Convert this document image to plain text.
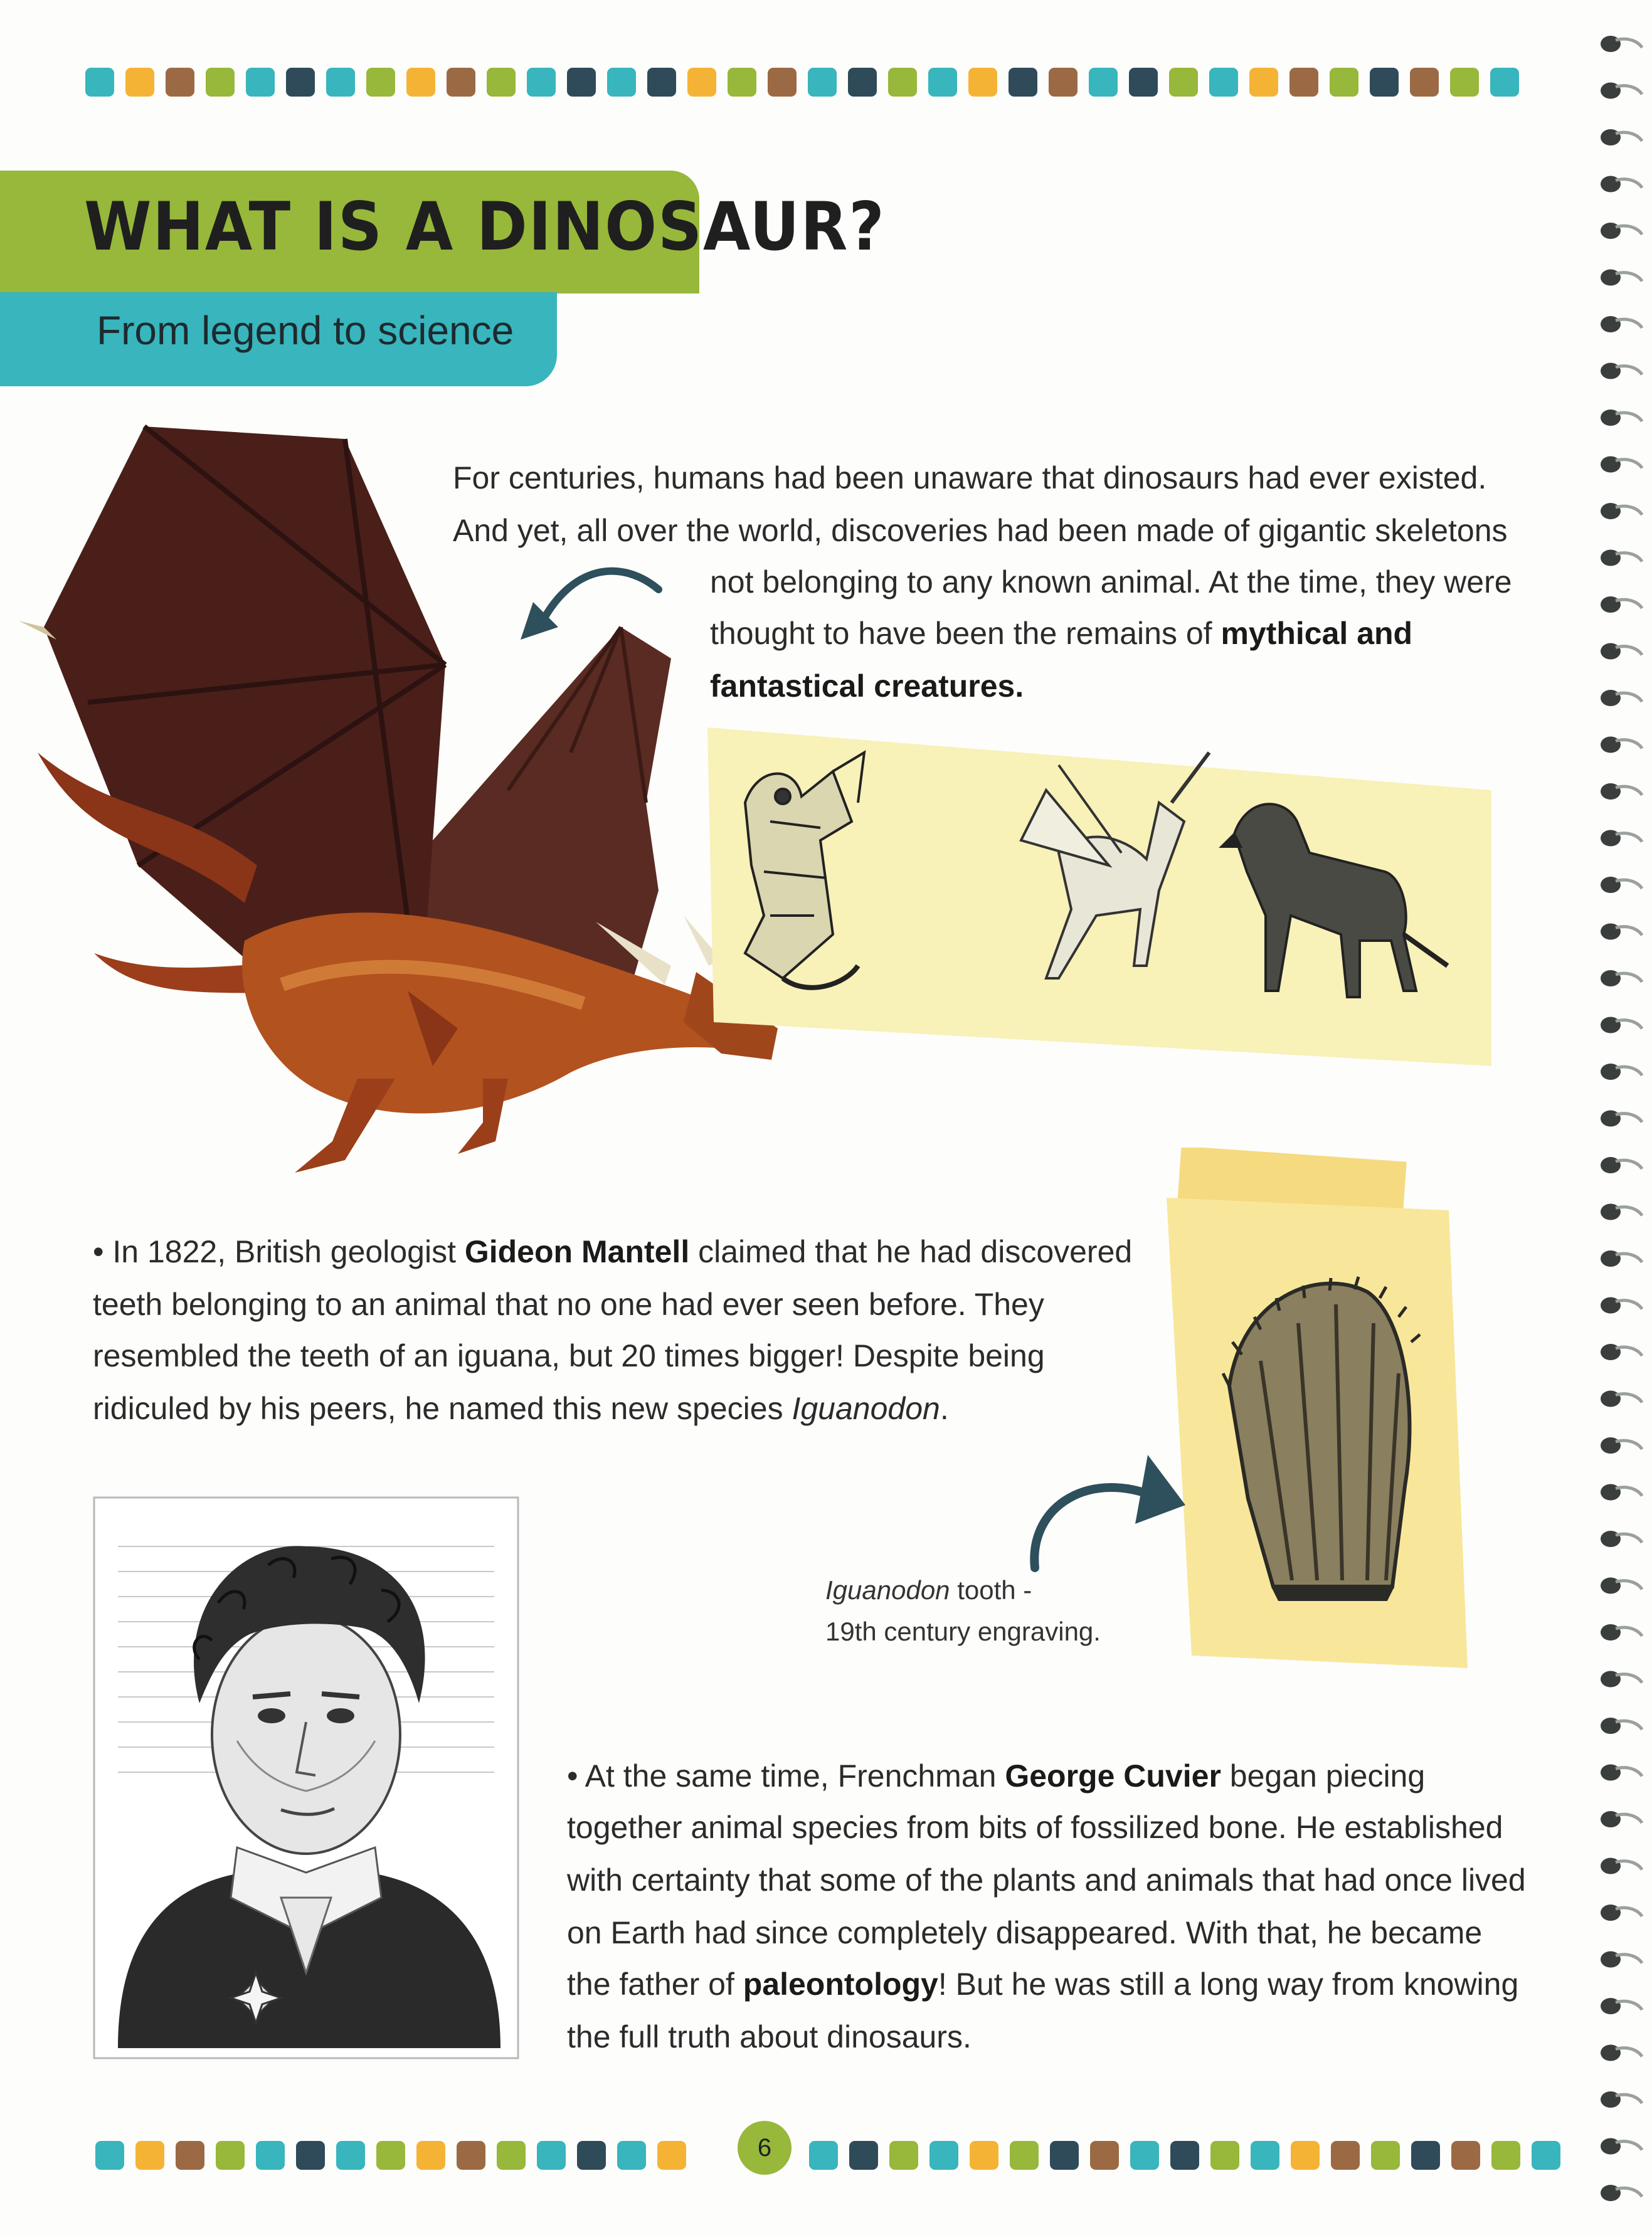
WHAT IS A DINOSAUR?
From legend to science
For centuries, humans had been unaware that dinosaurs had ever existed.
And yet, all over the world, discoveries had been made of gigantic skeletons
not belonging to any known animal. At the time, they were
thought to have been the remains of mythical and
fantastical creatures.
• In 1822, British geologist Gideon Mantell claimed that he had discovered
teeth belonging to an animal that no one had ever seen before. They
resembled the teeth of an iguana, but 20 times bigger! Despite being
ridiculed by his peers, he named this new species Iguanodon.
Iguanodon tooth -
19th century engraving.
• At the same time, Frenchman George Cuvier began piecing
together animal species from bits of fossilized bone. He established
with certainty that some of the plants and animals that had once lived
on Earth had since completely disappeared. With that, he became
the father of paleontology! But he was still a long way from knowing
the full truth about dinosaurs.
6
